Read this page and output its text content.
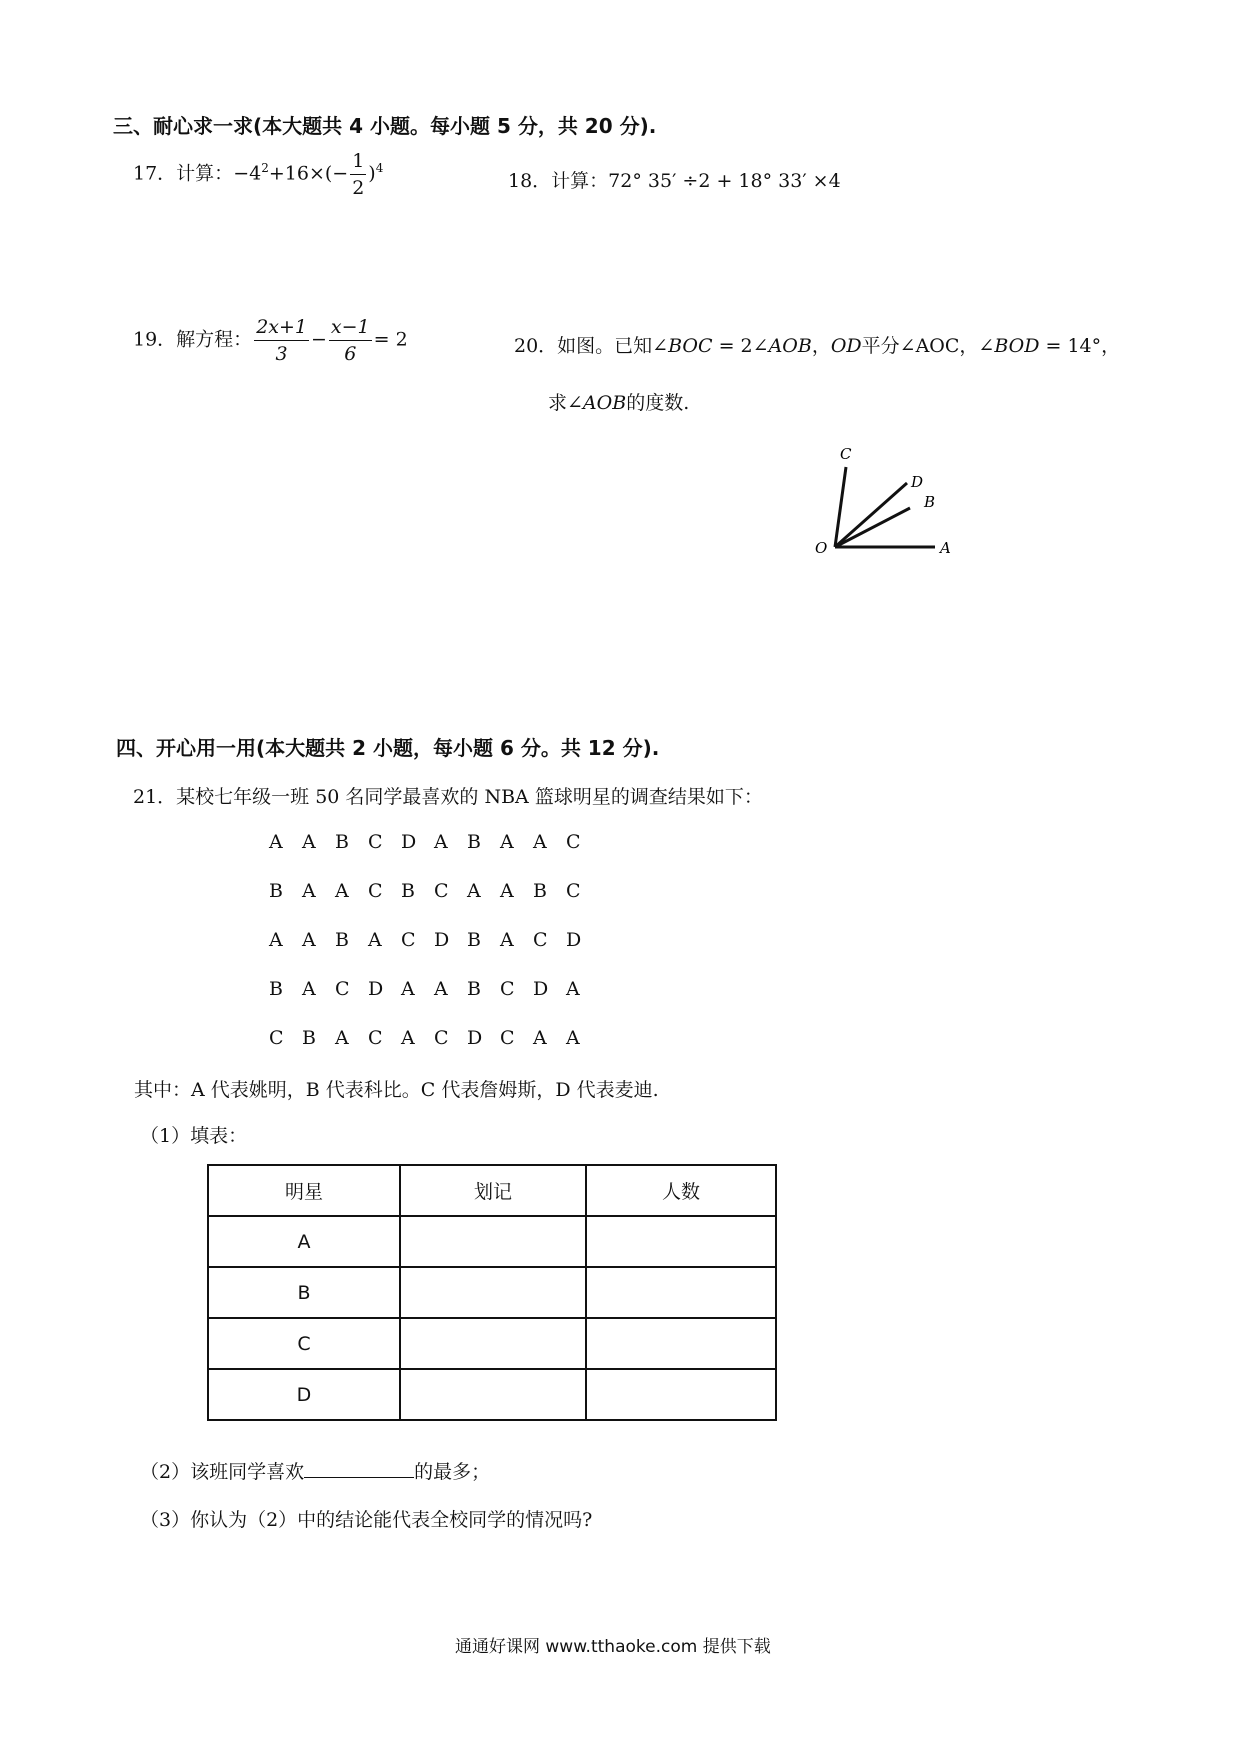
三、耐心求一求(本大题共 4 小题。每小题 5 分，共 20 分).
17．计算：$-4^2+16\times(- \frac{1}{2} )^4$
18．计算：72° 35′ ÷2 + 18° 33′ ×4
19．解方程： $\frac{2x+1}{3} - \frac{x-1}{6} = 2$	20．如图。已知∠BOC = 2∠AOB，OD平分∠AOC，∠BOD = 14°，
求∠AOB的度数.
C
D
B
O	A
四、开心用一用(本大题共 2 小题，每小题 6 分。共 12 分).
21．某校七年级一班 50 名同学最喜欢的 NBA 篮球明星的调查结果如下：
A A B C D A B A A C
B A A C B C A A B C
A A B A C D B A C D
B A C D A A B C D A
C B A C A C D C A A
其中：A 代表姚明，B 代表科比。C 代表詹姆斯，D 代表麦迪.
（1）填表：
明星	划记	人数
A		
B		
C		
D		
（2）该班同学喜欢	的最多；
（3）你认为（2）中的结论能代表全校同学的情况吗?
通通好课网 www.tthaoke.com 提供下载
